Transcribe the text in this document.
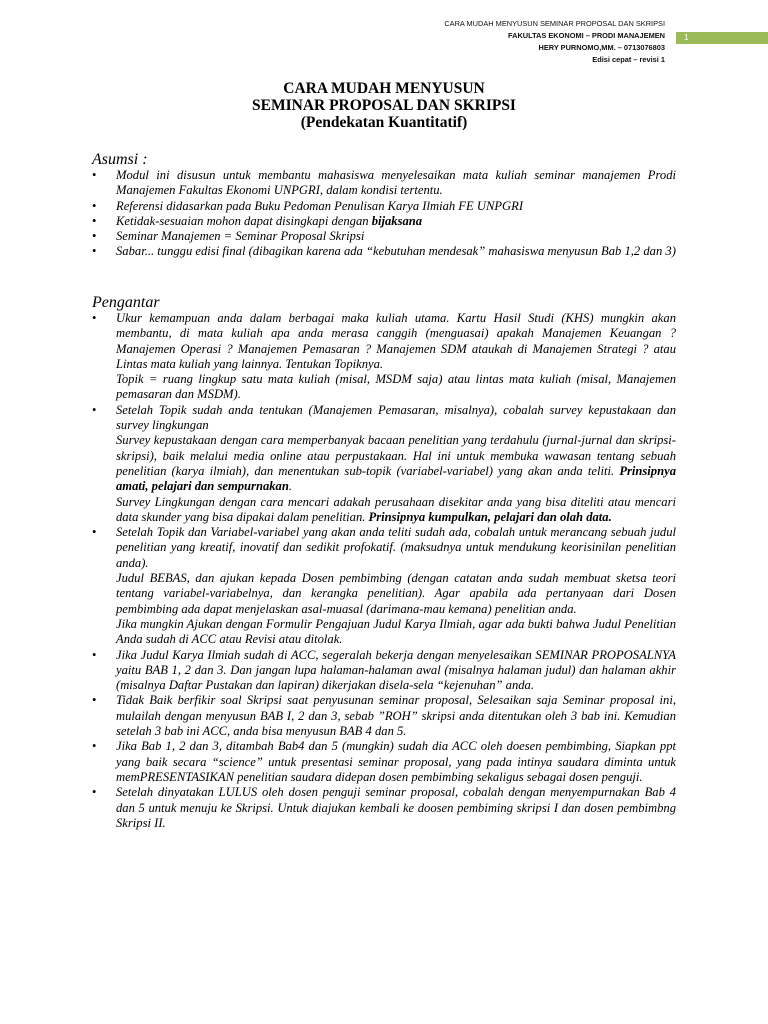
CARA MUDAH MENYUSUN SEMINAR PROPOSAL DAN SKRIPSI
FAKULTAS EKONOMI – PRODI MANAJEMEN
HERY PURNOMO,MM. – 0713076803
Edisi cepat – revisi 1
1
CARA MUDAH MENYUSUN
SEMINAR PROPOSAL DAN SKRIPSI
(Pendekatan Kuantitatif)
Asumsi :
• Modul ini disusun untuk membantu mahasiswa menyelesaikan mata kuliah seminar manajemen Prodi Manajemen Fakultas Ekonomi UNPGRI, dalam kondisi tertentu.
• Referensi didasarkan pada Buku Pedoman Penulisan Karya Ilmiah FE UNPGRI
• Ketidak-sesuaian mohon dapat disingkapi dengan bijaksana
• Seminar Manajemen = Seminar Proposal Skripsi
• Sabar... tunggu edisi final (dibagikan karena ada “kebutuhan mendesak” mahasiswa menyusun Bab 1,2 dan 3)
Pengantar

• Ukur kemampuan anda dalam berbagai maka kuliah utama. Kartu Hasil Studi (KHS) mungkin akan membantu, di mata kuliah apa anda merasa canggih (menguasai) apakah Manajemen Keuangan ? Manajemen Operasi ? Manajemen Pemasaran ? Manajemen SDM ataukah di Manajemen Strategi ? atau Lintas mata kuliah yang lainnya. Tentukan Topiknya.

Topik = ruang lingkup satu mata kuliah (misal, MSDM saja) atau lintas mata kuliah (misal, Manajemen pemasaran dan MSDM).

• Setelah Topik sudah anda tentukan (Manajemen Pemasaran, misalnya), cobalah survey kepustakaan dan survey lingkungan

Survey kepustakaan dengan cara memperbanyak bacaan penelitian yang terdahulu (jurnal-jurnal dan skripsi-skripsi), baik melalui media online atau perpustakaan. Hal ini untuk membuka wawasan tentang sebuah penelitian (karya ilmiah), dan menentukan sub-topik (variabel-variabel) yang akan anda teliti. Prinsipnya amati, pelajari dan sempurnakan.

Survey Lingkungan dengan cara mencari adakah perusahaan disekitar anda yang bisa diteliti atau mencari data skunder yang bisa dipakai dalam penelitian. Prinsipnya kumpulkan, pelajari dan olah data.

• Setelah Topik dan Variabel-variabel yang akan anda teliti sudah ada, cobalah untuk merancang sebuah judul penelitian yang kreatif, inovatif dan sedikit profokatif. (maksudnya untuk mendukung keorisinilan penelitian anda).

Judul BEBAS, dan ajukan kepada Dosen pembimbing (dengan catatan anda sudah membuat sketsa teori tentang variabel-variabelnya, dan kerangka penelitian). Agar apabila ada pertanyaan dari Dosen pembimbing ada dapat menjelaskan asal-muasal (darimana-mau kemana) penelitian anda.

Jika mungkin Ajukan dengan Formulir Pengajuan Judul Karya Ilmiah, agar ada bukti bahwa Judul Penelitian Anda sudah di ACC atau Revisi atau ditolak.

• Jika Judul Karya Ilmiah sudah di ACC, segeralah bekerja dengan menyelesaikan SEMINAR PROPOSALNYA yaitu BAB 1, 2 dan 3. Dan jangan lupa halaman-halaman awal (misalnya halaman judul) dan halaman akhir (misalnya Daftar Pustakan dan lapiran) dikerjakan disela-sela “kejenuhan” anda.

• Tidak Baik berfikir soal Skripsi saat penyusunan seminar proposal, Selesaikan saja Seminar proposal ini, mulailah dengan menyusun BAB I, 2 dan 3, sebab ”ROH” skripsi anda ditentukan oleh 3 bab ini. Kemudian setelah 3 bab ini ACC, anda bisa menyusun BAB 4 dan 5.

• Jika Bab 1, 2 dan 3, ditambah Bab4 dan 5 (mungkin) sudah dia ACC oleh doesen pembimbing, Siapkan ppt yang baik secara “science” untuk presentasi seminar proposal, yang pada intinya saudara diminta untuk memPRESENTASIKAN penelitian saudara didepan dosen pembimbing sekaligus sebagai dosen penguji.

• Setelah dinyatakan LULUS oleh dosen penguji seminar proposal, cobalah dengan menyempurnakan Bab 4 dan 5 untuk menuju ke Skripsi. Untuk diajukan kembali ke doosen pembiming skripsi I dan dosen pembimbng Skripsi II.
